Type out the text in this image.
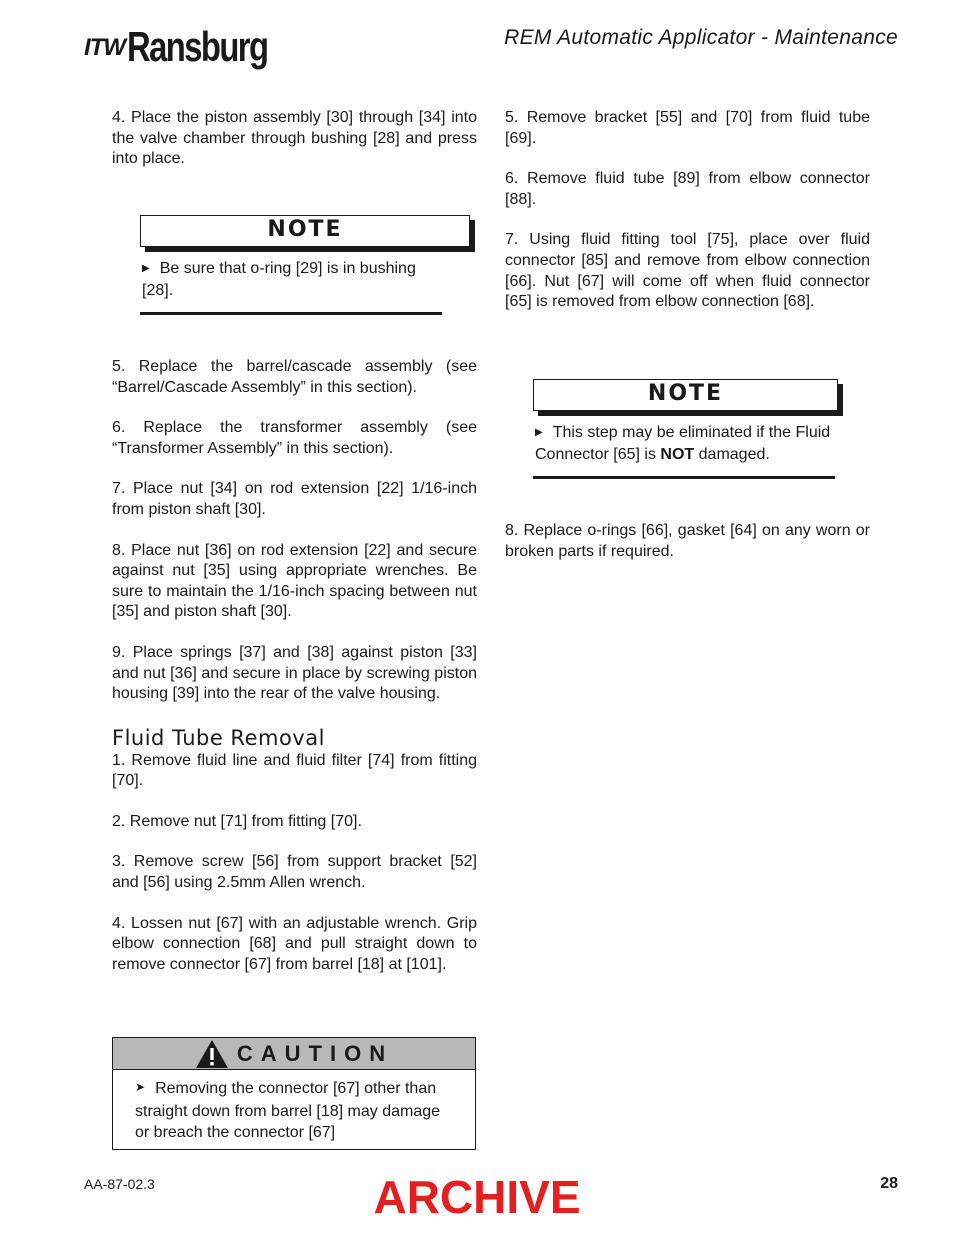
ITW Ransburg	REM Automatic Applicator - Maintenance

4. Place the piston assembly [30] through [34] into the valve chamber through bushing [28] and press into place.

NOTE
▶ Be sure that o-ring [29] is in bushing [28].

5. Replace the barrel/cascade assembly (see “Barrel/Cascade Assembly” in this section).

6. Replace the transformer assembly (see “Transformer Assembly” in this section).

7. Place nut [34] on rod extension [22] 1/16-inch from piston shaft [30].

8. Place nut [36] on rod extension [22] and secure against nut [35] using appropriate wrenches. Be sure to maintain the 1/16-inch spacing between nut [35] and piston shaft [30].

9. Place springs [37] and [38] against piston [33] and nut [36] and secure in place by screwing piston housing [39] into the rear of the valve housing.

Fluid Tube Removal

1. Remove fluid line and fluid filter [74] from fitting [70].

2. Remove nut [71] from fitting [70].

3. Remove screw [56] from support bracket [52] and [56] using 2.5mm Allen wrench.

4. Lossen nut [67] with an adjustable wrench. Grip elbow connection [68] and pull straight down to remove connector [67] from barrel [18] at [101].

CAUTION
➤ Removing the connector [67] other than straight down from barrel [18] may damage or breach the connector [67]

5. Remove bracket [55] and [70] from fluid tube [69].

6. Remove fluid tube [89] from elbow connector [88].

7. Using fluid fitting tool [75], place over fluid connector [85] and remove from elbow connection [66]. Nut [67] will come off when fluid connector [65] is removed from elbow connection [68].

NOTE
▶ This step may be eliminated if the Fluid Connector [65] is NOT damaged.

8. Replace o-rings [66], gasket [64] on any worn or broken parts if required.

AA-87-02.3	ARCHIVE	28
